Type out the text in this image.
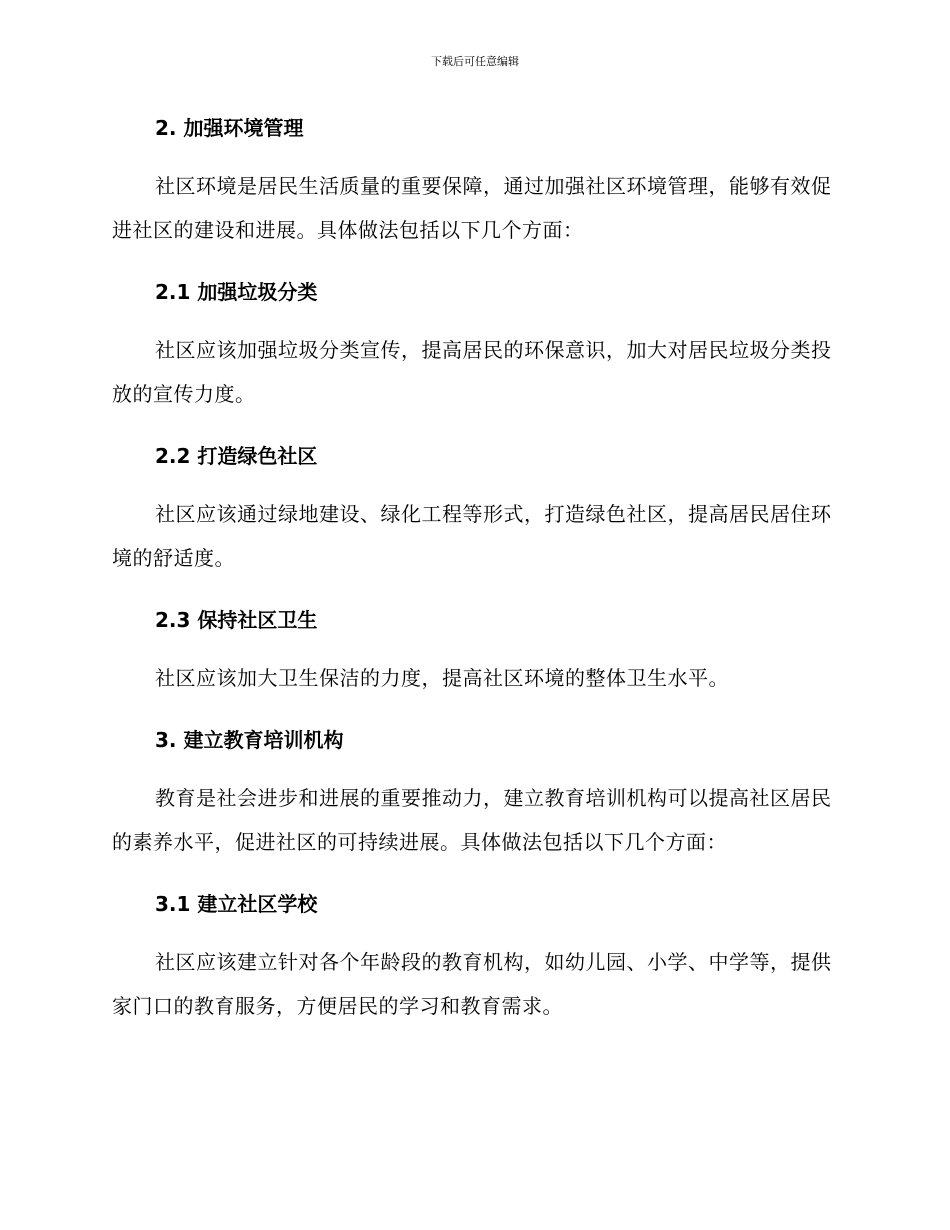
下载后可任意编辑
2. 加强环境管理

社区环境是居民生活质量的重要保障，通过加强社区环境管理，能够有效促进社区的建设和进展。具体做法包括以下几个方面：

2.1 加强垃圾分类

社区应该加强垃圾分类宣传，提高居民的环保意识，加大对居民垃圾分类投放的宣传力度。

2.2 打造绿色社区

社区应该通过绿地建设、绿化工程等形式，打造绿色社区，提高居民居住环境的舒适度。

2.3 保持社区卫生

社区应该加大卫生保洁的力度，提高社区环境的整体卫生水平。

3. 建立教育培训机构

教育是社会进步和进展的重要推动力，建立教育培训机构可以提高社区居民的素养水平，促进社区的可持续进展。具体做法包括以下几个方面：

3.1 建立社区学校

社区应该建立针对各个年龄段的教育机构，如幼儿园、小学、中学等，提供家门口的教育服务，方便居民的学习和教育需求。
